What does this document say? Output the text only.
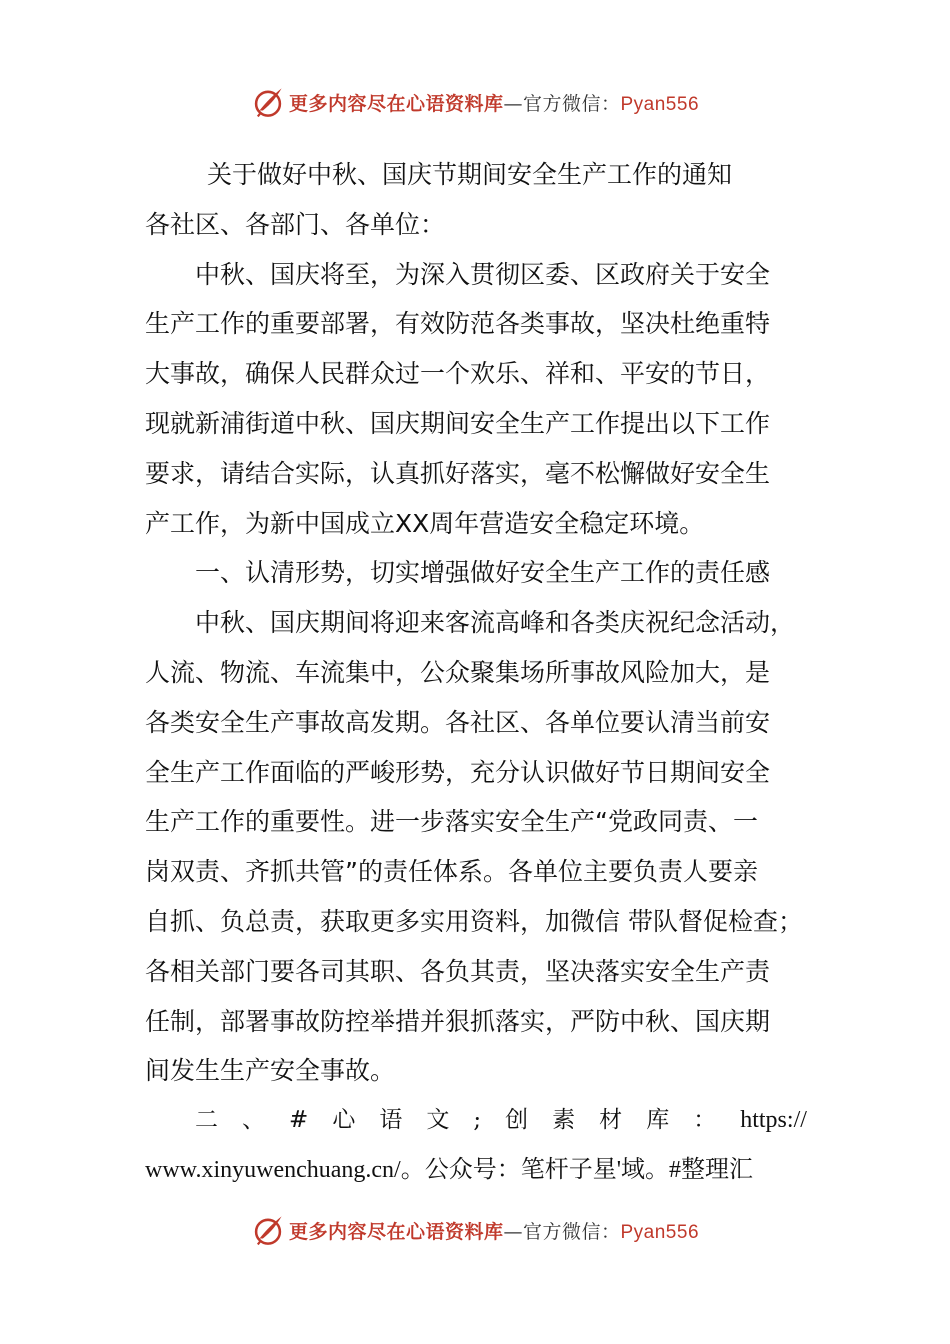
更多内容尽在心语资料库—官方微信：Pyan556
关于做好中秋、国庆节期间安全生产工作的通知
各社区、各部门、各单位：
中秋、国庆将至，为深入贯彻区委、区政府关于安全
生产工作的重要部署，有效防范各类事故，坚决杜绝重特
大事故，确保人民群众过一个欢乐、祥和、平安的节日，
现就新浦街道中秋、国庆期间安全生产工作提出以下工作
要求，请结合实际，认真抓好落实，毫不松懈做好安全生
产工作，为新中国成立XX周年营造安全稳定环境。
一、认清形势，切实增强做好安全生产工作的责任感
中秋、国庆期间将迎来客流高峰和各类庆祝纪念活动，
人流、物流、车流集中，公众聚集场所事故风险加大，是
各类安全生产事故高发期。各社区、各单位要认清当前安
全生产工作面临的严峻形势，充分认识做好节日期间安全
生产工作的重要性。进一步落实安全生产“党政同责、一
岗双责、齐抓共管”的责任体系。各单位主要负责人要亲
自抓、负总责，获取更多实用资料，加微信 带队督促检查；
各相关部门要各司其职、各负其责，坚决落实安全生产责
任制，部署事故防控举措并狠抓落实，严防中秋、国庆期
间发生生产安全事故。
二 、 # 心 语 文 ; 创 素 材 库 ： https://
www.xinyuwenchuang.cn/。公众号：笔杆子星'域。#整理汇
更多内容尽在心语资料库—官方微信：Pyan556
